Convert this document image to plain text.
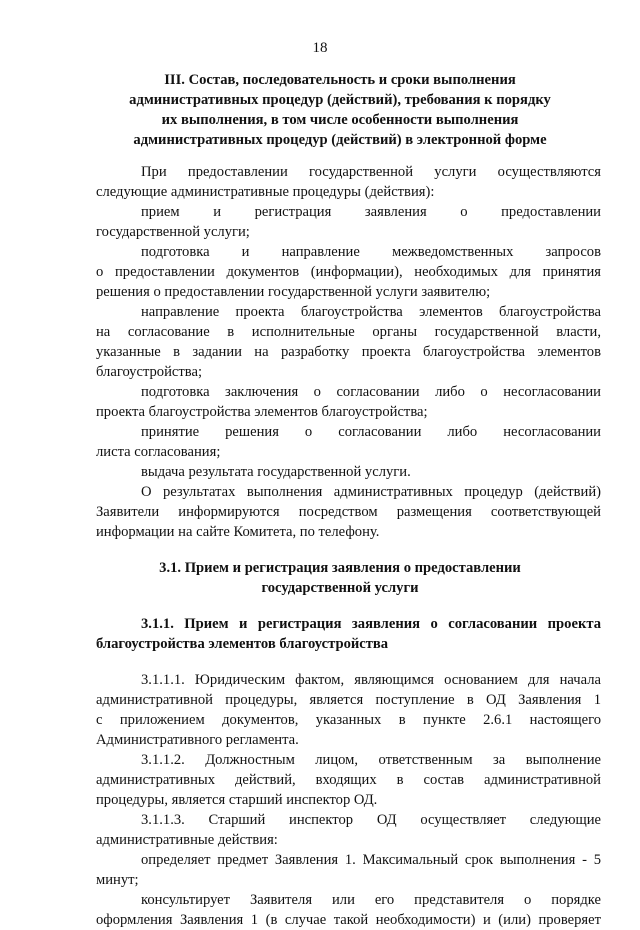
18
III. Состав, последовательность и сроки выполнения
административных процедур (действий), требования к порядку
их выполнения, в том числе особенности выполнения
административных процедур (действий) в электронной форме
При предоставлении государственной услуги осуществляются
следующие административные процедуры (действия):
прием и регистрация заявления о предоставлении
государственной услуги;
подготовка и направление межведомственных запросов
о предоставлении документов (информации), необходимых для принятия
решения о предоставлении государственной услуги заявителю;
направление проекта благоустройства элементов благоустройства
на согласование в исполнительные органы государственной власти,
указанные в задании на разработку проекта благоустройства элементов
благоустройства;
подготовка заключения о согласовании либо о несогласовании
проекта благоустройства элементов благоустройства;
принятие решения о согласовании либо несогласовании
листа согласования;
выдача результата государственной услуги.
О результатах выполнения административных процедур (действий)
Заявители информируются посредством размещения соответствующей
информации на сайте Комитета, по телефону.
3.1. Прием и регистрация заявления о предоставлении
государственной услуги
3.1.1. Прием и регистрация заявления о согласовании проекта
благоустройства элементов благоустройства
3.1.1.1. Юридическим фактом, являющимся основанием для начала
административной процедуры, является поступление в ОД Заявления 1
с приложением документов, указанных в пункте 2.6.1 настоящего
Административного регламента.
3.1.1.2. Должностным лицом, ответственным за выполнение
административных действий, входящих в состав административной
процедуры, является старший инспектор ОД.
3.1.1.3. Старший инспектор ОД осуществляет следующие
административные действия:
определяет предмет Заявления 1. Максимальный срок выполнения - 5
минут;
консультирует Заявителя или его представителя о порядке
оформления Заявления 1 (в случае такой необходимости) и (или) проверяет
